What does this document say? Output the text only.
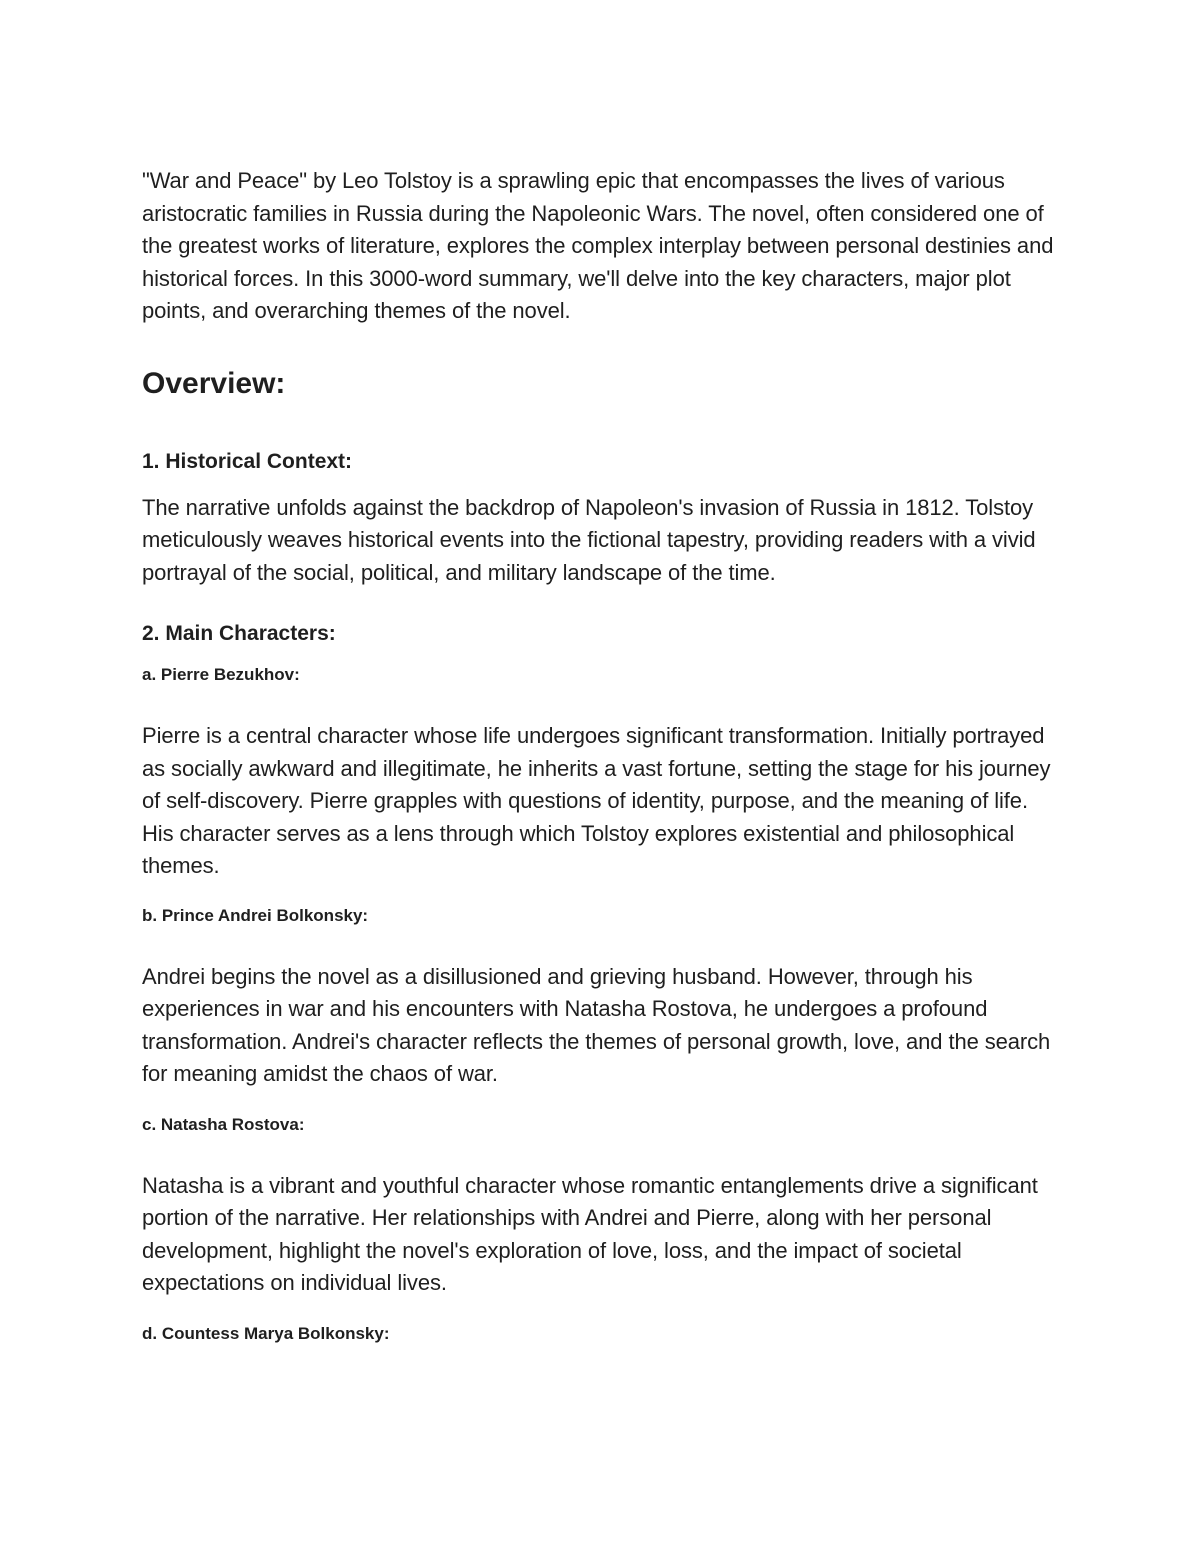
"War and Peace" by Leo Tolstoy is a sprawling epic that encompasses the lives of various aristocratic families in Russia during the Napoleonic Wars. The novel, often considered one of the greatest works of literature, explores the complex interplay between personal destinies and historical forces. In this 3000-word summary, we'll delve into the key characters, major plot points, and overarching themes of the novel.

Overview:
1. Historical Context:

The narrative unfolds against the backdrop of Napoleon's invasion of Russia in 1812. Tolstoy meticulously weaves historical events into the fictional tapestry, providing readers with a vivid portrayal of the social, political, and military landscape of the time.

2. Main Characters:
a. Pierre Bezukhov:

Pierre is a central character whose life undergoes significant transformation. Initially portrayed as socially awkward and illegitimate, he inherits a vast fortune, setting the stage for his journey of self-discovery. Pierre grapples with questions of identity, purpose, and the meaning of life. His character serves as a lens through which Tolstoy explores existential and philosophical themes.

b. Prince Andrei Bolkonsky:

Andrei begins the novel as a disillusioned and grieving husband. However, through his experiences in war and his encounters with Natasha Rostova, he undergoes a profound transformation. Andrei's character reflects the themes of personal growth, love, and the search for meaning amidst the chaos of war.

c. Natasha Rostova:

Natasha is a vibrant and youthful character whose romantic entanglements drive a significant portion of the narrative. Her relationships with Andrei and Pierre, along with her personal development, highlight the novel's exploration of love, loss, and the impact of societal expectations on individual lives.

d. Countess Marya Bolkonsky:
